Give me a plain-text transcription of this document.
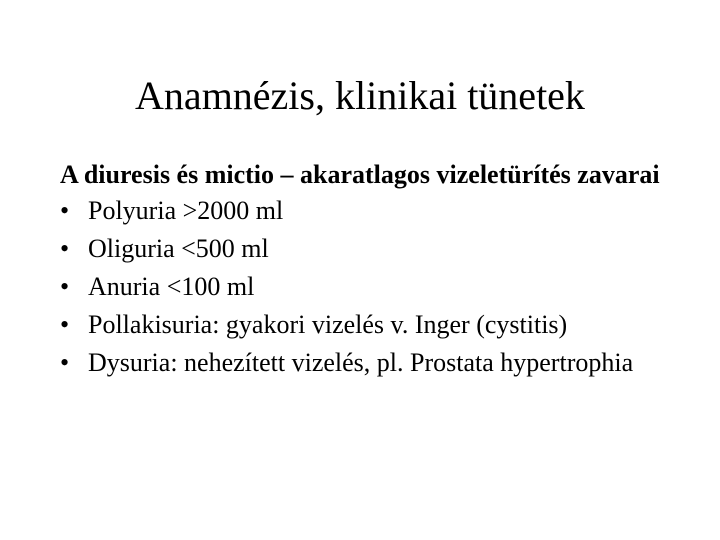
Anamnézis, klinikai tünetek

A diuresis és mictio – akaratlagos vizeletürítés zavarai

• Polyuria >2000 ml
• Oliguria <500 ml
• Anuria <100 ml
• Pollakisuria: gyakori vizelés v. Inger (cystitis)
• Dysuria: nehezített vizelés, pl. Prostata hypertrophia
